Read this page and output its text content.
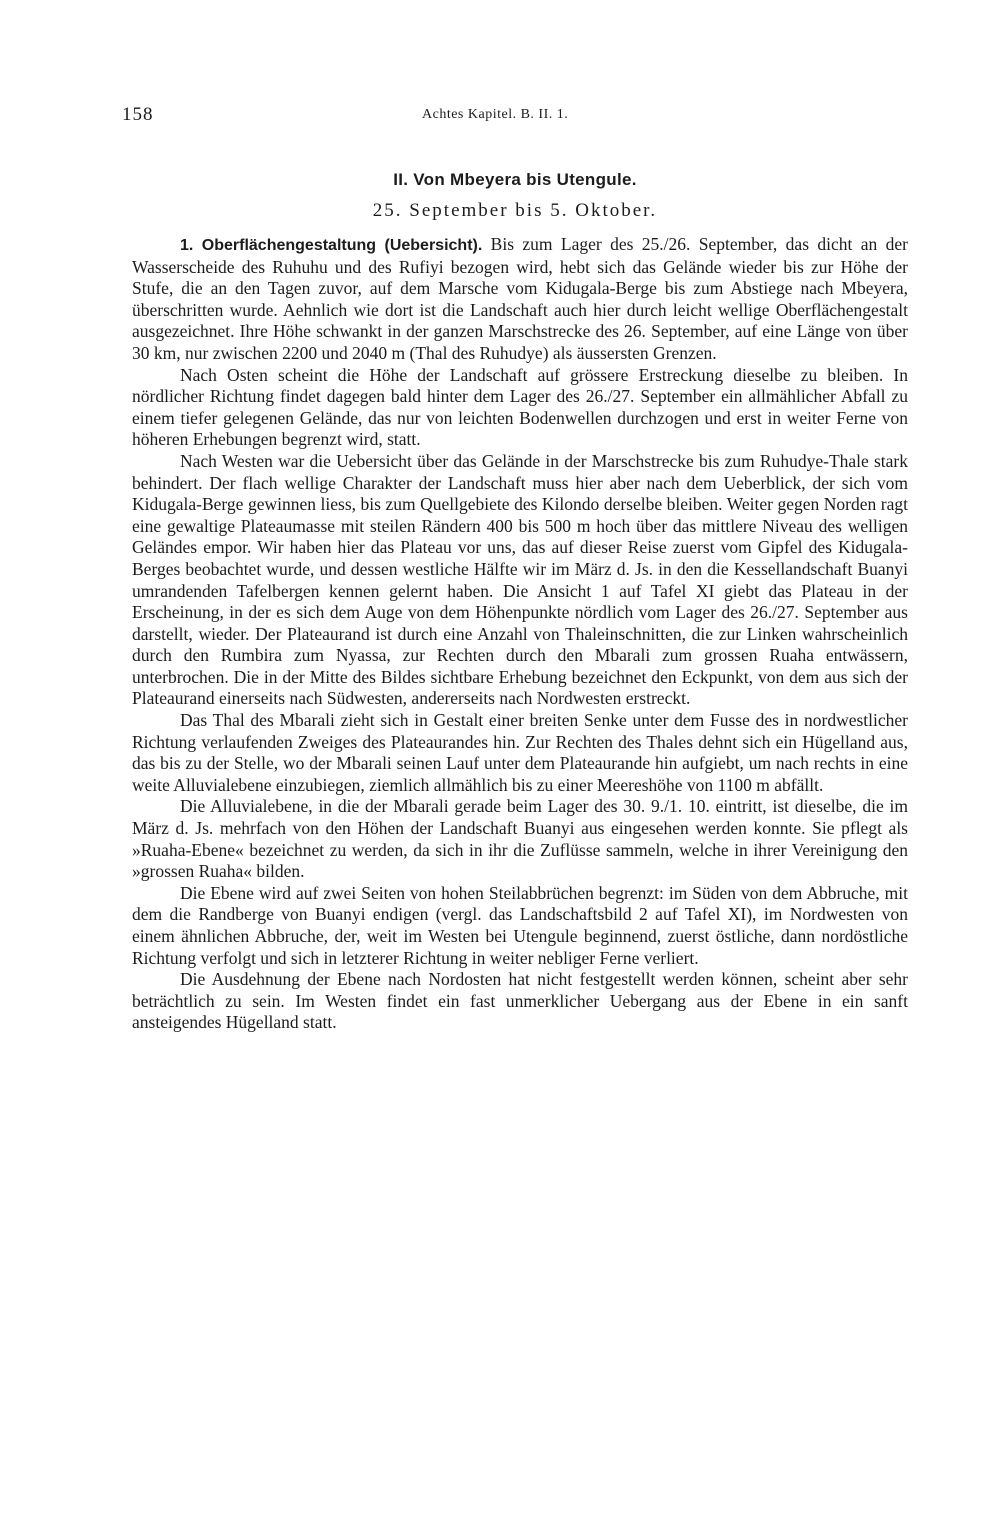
158	Achtes Kapitel. B. II. 1.
II. Von Mbeyera bis Utengule.
25. September bis 5. Oktober.

1. Oberflächengestaltung (Uebersicht). Bis zum Lager des 25./26. September, das dicht an der Wasserscheide des Ruhuhu und des Rufiyi bezogen wird, hebt sich das Gelände wieder bis zur Höhe der Stufe, die an den Tagen zuvor, auf dem Marsche vom Kidugala-Berge bis zum Abstiege nach Mbeyera, überschritten wurde. Aehnlich wie dort ist die Landschaft auch hier durch leicht wellige Oberflächengestalt ausgezeichnet. Ihre Höhe schwankt in der ganzen Marschstrecke des 26. September, auf eine Länge von über 30 km, nur zwischen 2200 und 2040 m (Thal des Ruhudye) als äussersten Grenzen.

Nach Osten scheint die Höhe der Landschaft auf grössere Erstreckung dieselbe zu bleiben. In nördlicher Richtung findet dagegen bald hinter dem Lager des 26./27. September ein allmählicher Abfall zu einem tiefer gelegenen Gelände, das nur von leichten Bodenwellen durchzogen und erst in weiter Ferne von höheren Erhebungen begrenzt wird, statt.

Nach Westen war die Uebersicht über das Gelände in der Marschstrecke bis zum Ruhudye-Thale stark behindert. Der flach wellige Charakter der Landschaft muss hier aber nach dem Ueberblick, der sich vom Kidugala-Berge gewinnen liess, bis zum Quellgebiete des Kilondo derselbe bleiben. Weiter gegen Norden ragt eine gewaltige Plateaumasse mit steilen Rändern 400 bis 500 m hoch über das mittlere Niveau des welligen Geländes empor. Wir haben hier das Plateau vor uns, das auf dieser Reise zuerst vom Gipfel des Kidugala-Berges beobachtet wurde, und dessen westliche Hälfte wir im März d. Js. in den die Kessellandschaft Buanyi umrandenden Tafelbergen kennen gelernt haben. Die Ansicht 1 auf Tafel XI giebt das Plateau in der Erscheinung, in der es sich dem Auge von dem Höhenpunkte nördlich vom Lager des 26./27. September aus darstellt, wieder. Der Plateaurand ist durch eine Anzahl von Thaleinschnitten, die zur Linken wahrscheinlich durch den Rumbira zum Nyassa, zur Rechten durch den Mbarali zum grossen Ruaha entwässern, unterbrochen. Die in der Mitte des Bildes sichtbare Erhebung bezeichnet den Eckpunkt, von dem aus sich der Plateaurand einerseits nach Südwesten, andererseits nach Nordwesten erstreckt.

Das Thal des Mbarali zieht sich in Gestalt einer breiten Senke unter dem Fusse des in nordwestlicher Richtung verlaufenden Zweiges des Plateaurandes hin. Zur Rechten des Thales dehnt sich ein Hügelland aus, das bis zu der Stelle, wo der Mbarali seinen Lauf unter dem Plateaurande hin aufgiebt, um nach rechts in eine weite Alluvialebene einzubiegen, ziemlich allmählich bis zu einer Meereshöhe von 1100 m abfällt.

Die Alluvialebene, in die der Mbarali gerade beim Lager des 30. 9./1. 10. eintritt, ist dieselbe, die im März d. Js. mehrfach von den Höhen der Landschaft Buanyi aus eingesehen werden konnte. Sie pflegt als »Ruaha-Ebene« bezeichnet zu werden, da sich in ihr die Zuflüsse sammeln, welche in ihrer Vereinigung den »grossen Ruaha« bilden.

Die Ebene wird auf zwei Seiten von hohen Steilabbrüchen begrenzt: im Süden von dem Abbruche, mit dem die Randberge von Buanyi endigen (vergl. das Landschaftsbild 2 auf Tafel XI), im Nordwesten von einem ähnlichen Abbruche, der, weit im Westen bei Utengule beginnend, zuerst östliche, dann nordöstliche Richtung verfolgt und sich in letzterer Richtung in weiter nebliger Ferne verliert.

Die Ausdehnung der Ebene nach Nordosten hat nicht festgestellt werden können, scheint aber sehr beträchtlich zu sein. Im Westen findet ein fast unmerklicher Uebergang aus der Ebene in ein sanft ansteigendes Hügelland statt.
